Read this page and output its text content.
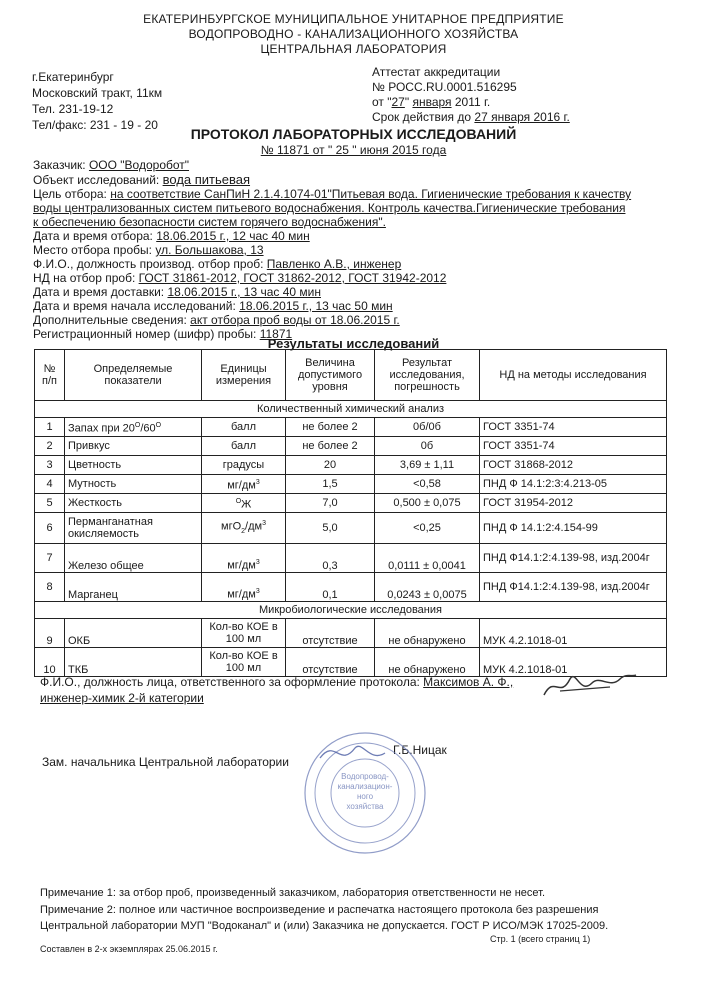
ЕКАТЕРИНБУРГСКОЕ МУНИЦИПАЛЬНОЕ УНИТАРНОЕ ПРЕДПРИЯТИЕ
ВОДОПРОВОДНО - КАНАЛИЗАЦИОННОГО ХОЗЯЙСТВА
ЦЕНТРАЛЬНАЯ ЛАБОРАТОРИЯ
г.Екатеринбург
Московский тракт, 11км
Тел. 231-19-12
Тел/факс: 231 - 19 - 20
Аттестат аккредитации
№ РОСС.RU.0001.516295
от "27" января 2011 г.
Срок действия до 27 января 2016 г.
ПРОТОКОЛ ЛАБОРАТОРНЫХ ИССЛЕДОВАНИЙ
№ 11871 от " 25 " июня 2015 года
Заказчик: ООО "Водоробот"
Объект исследований: вода питьевая
Цель отбора: на соответствие СанПиН 2.1.4.1074-01"Питьевая вода. Гигиенические требования к качеству
воды централизованных систем питьевого водоснабжения. Контроль качества.Гигиенические требования
к обеспечению безопасности систем горячего водоснабжения".
Дата и время отбора: 18.06.2015 г., 12 час 40 мин
Место отбора пробы: ул. Большакова, 13
Ф.И.О., должность производ. отбор проб: Павленко А.В., инженер
НД на отбор проб: ГОСТ 31861-2012, ГОСТ 31862-2012, ГОСТ 31942-2012
Дата и время доставки: 18.06.2015 г., 13 час 40 мин
Дата и время начала исследований: 18.06.2015 г., 13 час 50 мин
Дополнительные сведения: акт отбора проб воды от 18.06.2015 г.
Регистрационный номер (шифр) пробы: 11871
Результаты исследований
№ п/п	Определяемые показатели	Единицы измерения	Величина допустимого уровня	Результат исследования, погрешность	НД на методы исследования
Количественный химический анализ					
1	Запах при $20^O/60^O$	балл	не более 2	0б/0б	ГОСТ 3351-74
2	Привкус	балл	не более 2	0б	ГОСТ 3351-74
3	Цветность	градусы	20	3,69 ± 1,11	ГОСТ 31868-2012
4	Мутность	$мг/дм^3$	1,5	<0,58	ПНД Ф 14.1:2:3:4.213-05
5	Жесткость	$^O$Ж	7,0	0,500 ± 0,075	ГОСТ 31954-2012
6	Перманганатная окисляемость	$мгО_2/дм^3$	5,0	<0,25	ПНД Ф 14.1:2:4.154-99
7	Железо общее	$мг/дм^3$	0,3	0,0111 ± 0,0041	ПНД Ф14.1:2:4.139-98, изд.2004г
8	Марганец	$мг/дм^3$	0,1	0,0243 ± 0,0075	ПНД Ф14.1:2:4.139-98, изд.2004г
Микробиологические исследования					
9	ОКБ	Кол-во КОЕ в 100 мл	отсутствие	не обнаружено	МУК 4.2.1018-01
10	ТКБ	Кол-во КОЕ в 100 мл	отсутствие	не обнаружено	МУК 4.2.1018-01
Ф.И.О., должность лица, ответственного за оформление протокола: Максимов А. Ф.,
инженер-химик 2-й категории
Зам. начальника Центральной лаборатории
Г.Б.Ницак
Водопровод-
канализацион-
ного
хозяйства
Примечание 1: за отбор проб, произведенный заказчиком, лаборатория ответственности не несет.
Примечание 2: полное или частичное воспроизведение и распечатка настоящего протокола без разрешения
Центральной лаборатории МУП "Водоканал" и (или) Заказчика не допускается. ГОСТ Р ИСО/МЭК 17025-2009.
Стр. 1 (всего страниц 1)
Составлен в 2-х экземплярах 25.06.2015 г.
